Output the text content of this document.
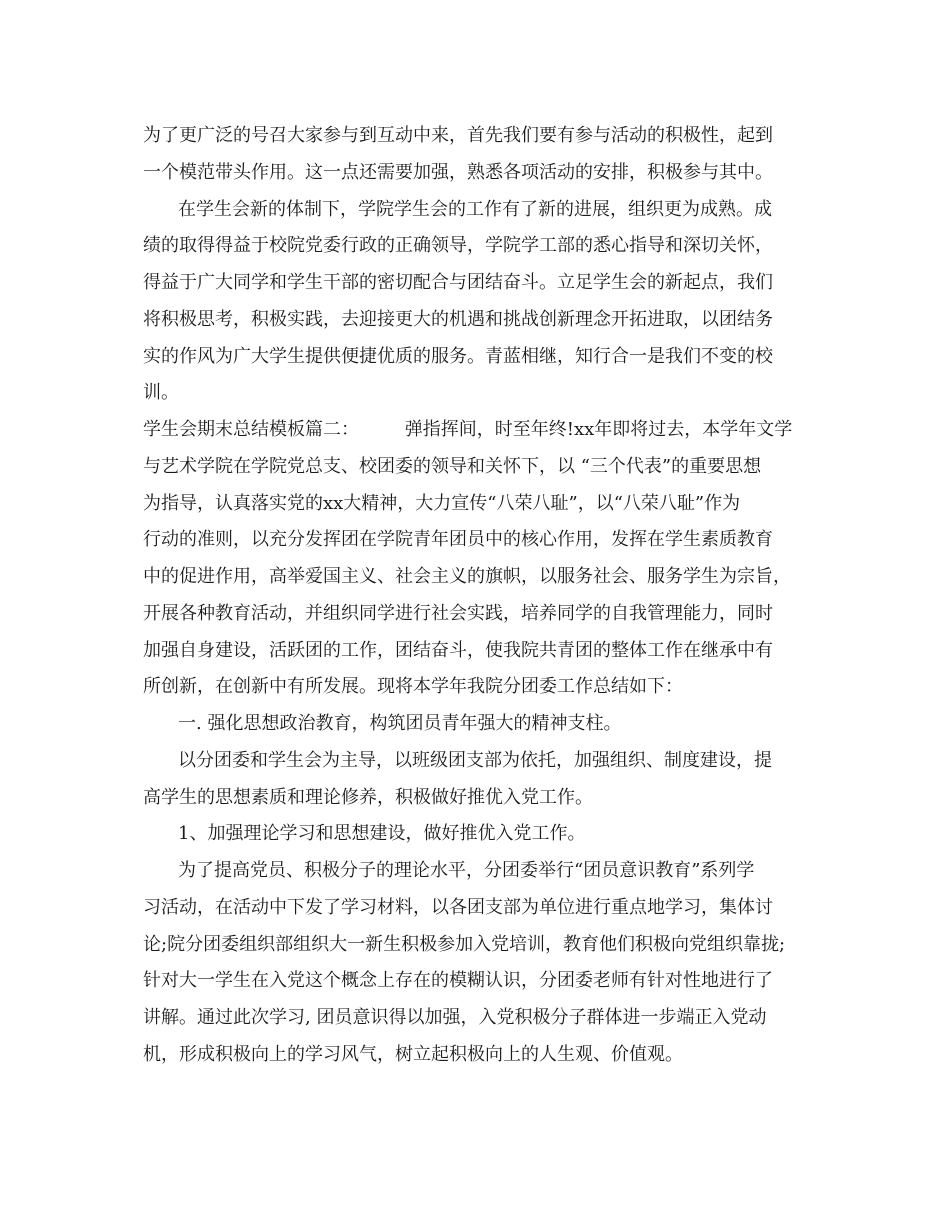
为了更广泛的号召大家参与到互动中来，首先我们要有参与活动的积极性，起到
一个模范带头作用。这一点还需要加强，熟悉各项活动的安排，积极参与其中。
在学生会新的体制下，学院学生会的工作有了新的进展，组织更为成熟。成
绩的取得得益于校院党委行政的正确领导，学院学工部的悉心指导和深切关怀，
得益于广大同学和学生干部的密切配合与团结奋斗。立足学生会的新起点，我们
将积极思考，积极实践，去迎接更大的机遇和挑战创新理念开拓进取，以团结务
实的作风为广大学生提供便捷优质的服务。青蓝相继，知行合一是我们不变的校
训。
学生会期末总结模板篇二：        弹指挥间，时至年终!xx年即将过去，本学年文学
与艺术学院在学院党总支、校团委的领导和关怀下，以 “三个代表”的重要思想
为指导，认真落实党的xx大精神，大力宣传“八荣八耻”，以“八荣八耻”作为
行动的准则，以充分发挥团在学院青年团员中的核心作用，发挥在学生素质教育
中的促进作用，高举爱国主义、社会主义的旗帜，以服务社会、服务学生为宗旨，
开展各种教育活动，并组织同学进行社会实践，培养同学的自我管理能力，同时
加强自身建设，活跃团的工作，团结奋斗，使我院共青团的整体工作在继承中有
所创新，在创新中有所发展。现将本学年我院分团委工作总结如下：
一. 强化思想政治教育，构筑团员青年强大的精神支柱。
以分团委和学生会为主导，以班级团支部为依托，加强组织、制度建设，提
高学生的思想素质和理论修养，积极做好推优入党工作。
1、加强理论学习和思想建设，做好推优入党工作。
为了提高党员、积极分子的理论水平，分团委举行“团员意识教育”系列学
习活动，在活动中下发了学习材料，以各团支部为单位进行重点地学习，集体讨
论;院分团委组织部组织大一新生积极参加入党培训，教育他们积极向党组织靠拢;
针对大一学生在入党这个概念上存在的模糊认识，分团委老师有针对性地进行了
讲解。通过此次学习, 团员意识得以加强，入党积极分子群体进一步端正入党动
机，形成积极向上的学习风气，树立起积极向上的人生观、价值观。
